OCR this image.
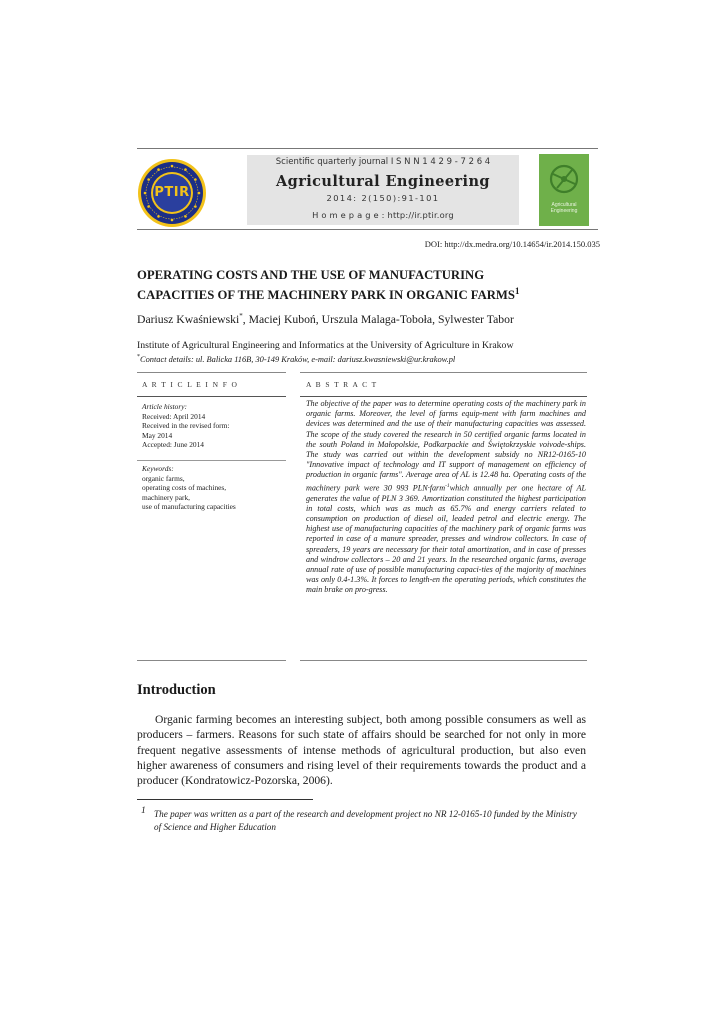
PTIR
Scientific quarterly journal I S N N 1 4 2 9 - 7 2 6 4
Agricultural Engineering
2014: 2(150):91-101
H o m e p a g e : http://ir.ptir.org
Agricultural
Engineering
DOI: http://dx.medra.org/10.14654/ir.2014.150.035
OPERATING COSTS AND THE USE OF MANUFACTURING
CAPACITIES OF THE MACHINERY PARK IN ORGANIC FARMS$^1$
Dariusz Kwaśniewski*, Maciej Kuboń, Urszula Malaga-Toboła, Sylwester Tabor
Institute of Agricultural Engineering and Informatics at the University of Agriculture in Krakow
*Contact details: ul. Balicka 116B, 30-149 Kraków, e-mail: dariusz.kwasniewski@ur.krakow.pl
A R T I C L E I N F O	A B S T R A C T
Article history:
Received: April 2014
Received in the revised form:
May 2014
Accepted: June 2014
Keywords:
organic farms,
operating costs of machines,
machinery park,
use of manufacturing capacities

The objective of the paper was to determine operating costs of the machinery park in organic farms. Moreover, the level of farms equip-ment with farm machines and devices was determined and the use of their manufacturing capacities was assessed. The scope of the study covered the research in 50 certified organic farms located in the south Poland in Małopolskie, Podkarpackie and Świętokrzyskie voivode-ships. The study was carried out within the development subsidy no NR12-0165-10 "Innovative impact of technology and IT support of management on efficiency of production in organic farms". Average area of AL is 12.48 ha. Operating costs of the machinery park were 30 993 PLN·farm$^{-1}$which annually per one hectare of AL generates the value of PLN 3 369. Amortization constituted the highest participation in total costs, which was as much as 65.7% and energy carriers related to consumption on production of diesel oil, leaded petrol and electric energy. The highest use of manufacturing capacities of the machinery park of organic farms was reported in case of a manure spreader, presses and windrow collectors. In case of spreaders, 19 years are necessary for their total amortization, and in case of presses and windrow collectors – 20 and 21 years. In the researched organic farms, average annual rate of use of possible manufacturing capaci-ties of the majority of machines was only 0.4-1.3%. It forces to length-en the operating periods, which constitutes the main brake on pro-gress.

Introduction

Organic farming becomes an interesting subject, both among possible consumers as well as producers – farmers. Reasons for such state of affairs should be searched for not only in more frequent negative assessments of intense methods of agricultural production, but also even higher awareness of consumers and rising level of their requirements towards the product and a producer (Kondratowicz-Pozorska, 2006).

1 The paper was written as a part of the research and development project no NR 12-0165-10 funded by the Ministry of Science and Higher Education
